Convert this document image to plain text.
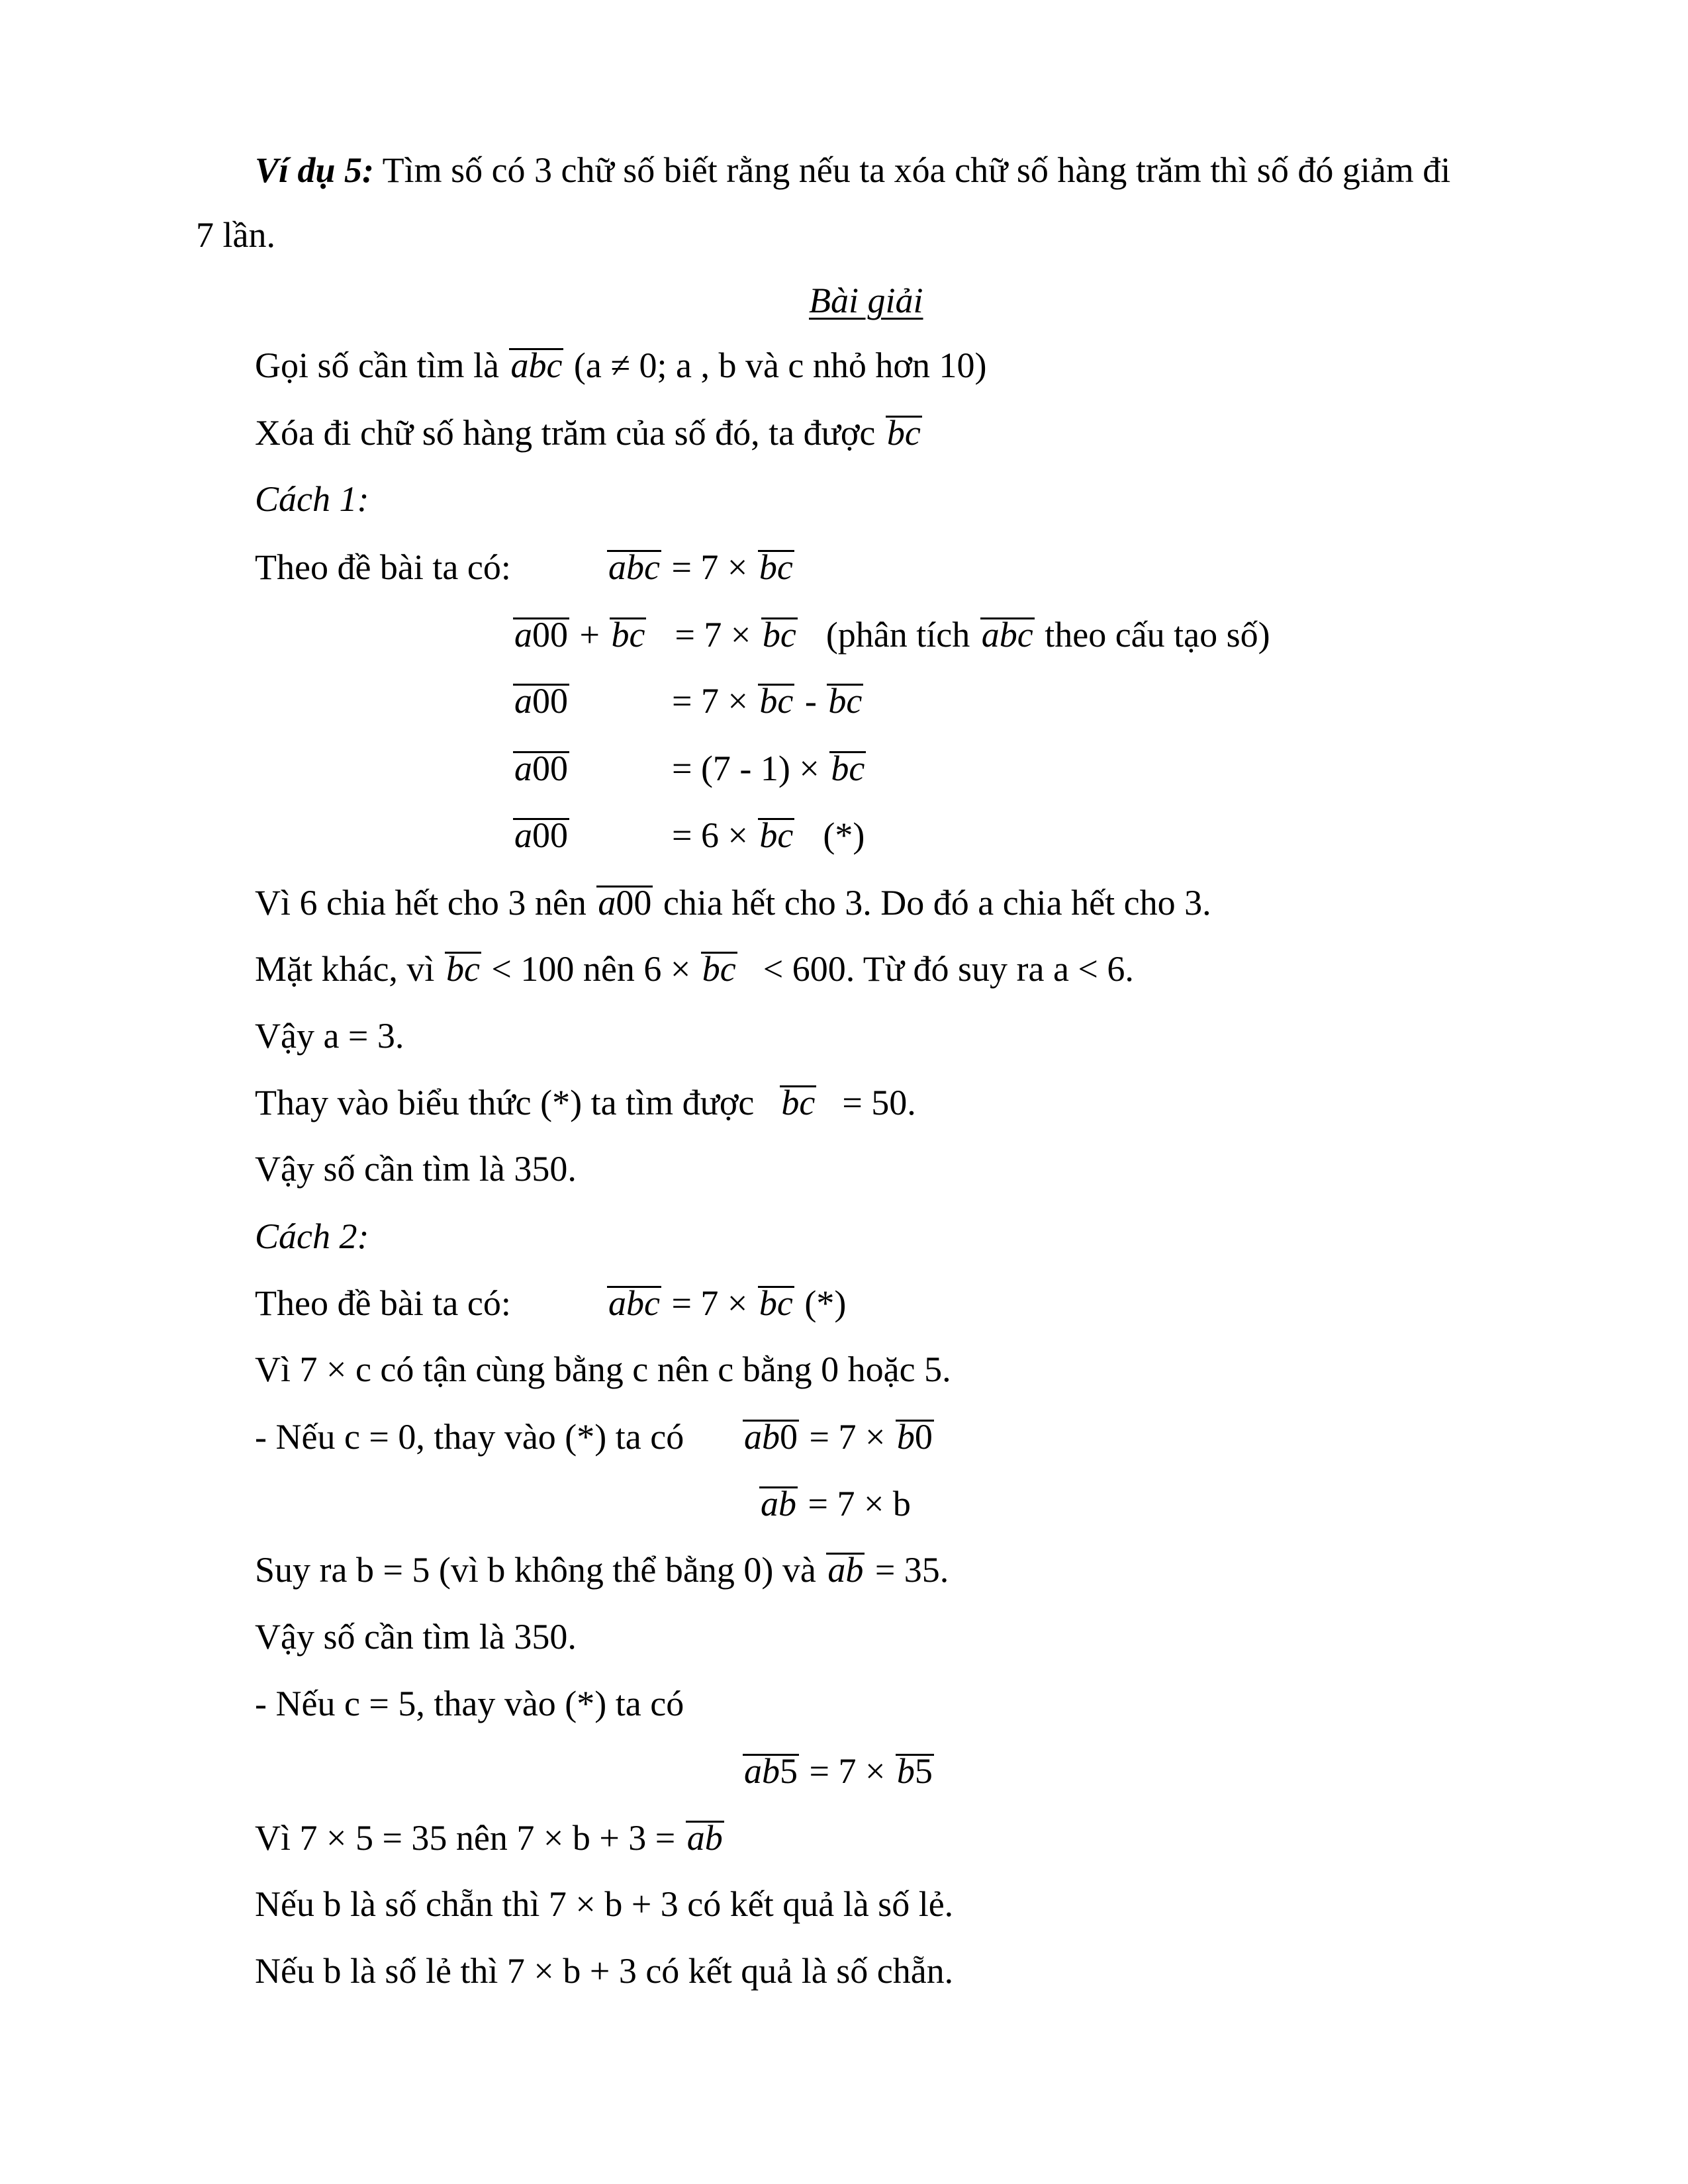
Ví dụ 5: Tìm số có 3 chữ số biết rằng nếu ta xóa chữ số hàng trăm thì số đó giảm đi
7 lần.
Bài giải
Gọi số cần tìm là abc (a ≠ 0; a , b và c nhỏ hơn 10)
Xóa đi chữ số hàng trăm của số đó, ta được bc
Cách 1:
Theo đề bài ta có:	abc = 7 × bc
a00 + bc = 7 × bc (phân tích abc theo cấu tạo số)
a00	= 7 × bc - bc
a00	= (7 - 1) × bc
a00	= 6 × bc (*)
Vì 6 chia hết cho 3 nên a00 chia hết cho 3. Do đó a chia hết cho 3.
Mặt khác, vì bc < 100 nên 6 × bc < 600. Từ đó suy ra a < 6.
Vậy a = 3.
Thay vào biểu thức (*) ta tìm được bc = 50.
Vậy số cần tìm là 350.
Cách 2:
Theo đề bài ta có:	abc = 7 × bc (*)
Vì 7 × c có tận cùng bằng c nên c bằng 0 hoặc 5.
- Nếu c = 0, thay vào (*) ta có ab0 = 7 × b0
ab = 7 × b
Suy ra b = 5 (vì b không thể bằng 0) và ab = 35.
Vậy số cần tìm là 350.
- Nếu c = 5, thay vào (*) ta có
ab5 = 7 × b5
Vì 7 × 5 = 35 nên 7 × b + 3 = ab
Nếu b là số chẵn thì 7 × b + 3 có kết quả là số lẻ.
Nếu b là số lẻ thì 7 × b + 3 có kết quả là số chẵn.
